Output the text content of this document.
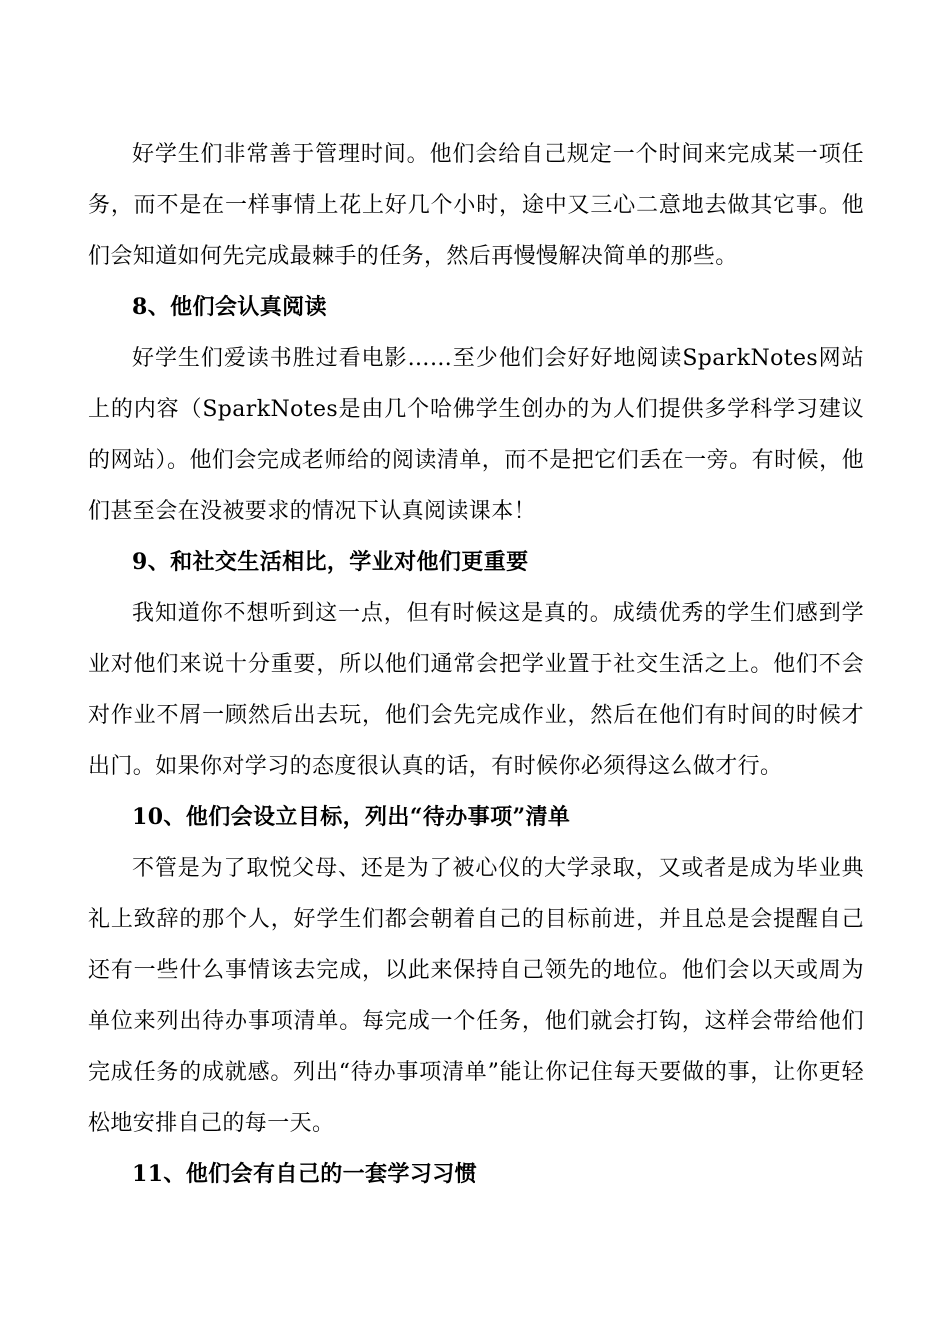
好学生们非常善于管理时间。他们会给自己规定一个时间来完成某一项任务，而不是在一样事情上花上好几个小时，途中又三心二意地去做其它事。他们会知道如何先完成最棘手的任务，然后再慢慢解决简单的那些。

8、他们会认真阅读

好学生们爱读书胜过看电影……至少他们会好好地阅读SparkNotes网站上的内容（SparkNotes是由几个哈佛学生创办的为人们提供多学科学习建议的网站）。他们会完成老师给的阅读清单，而不是把它们丢在一旁。有时候，他们甚至会在没被要求的情况下认真阅读课本！

9、和社交生活相比，学业对他们更重要

我知道你不想听到这一点，但有时候这是真的。成绩优秀的学生们感到学业对他们来说十分重要，所以他们通常会把学业置于社交生活之上。他们不会对作业不屑一顾然后出去玩，他们会先完成作业，然后在他们有时间的时候才出门。如果你对学习的态度很认真的话，有时候你必须得这么做才行。

10、他们会设立目标，列出“待办事项”清单

不管是为了取悦父母、还是为了被心仪的大学录取，又或者是成为毕业典礼上致辞的那个人，好学生们都会朝着自己的目标前进，并且总是会提醒自己还有一些什么事情该去完成，以此来保持自己领先的地位。他们会以天或周为单位来列出待办事项清单。每完成一个任务，他们就会打钩，这样会带给他们完成任务的成就感。列出“待办事项清单”能让你记住每天要做的事，让你更轻松地安排自己的每一天。

11、他们会有自己的一套学习习惯
